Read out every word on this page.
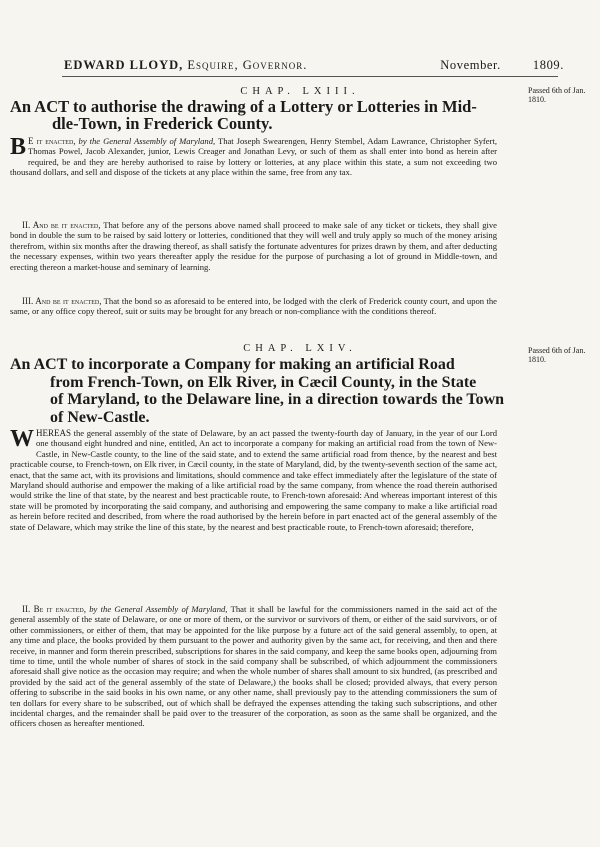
EDWARD LLOYD, Esquire, Governor.	November.	1809.
CHAP. LXIII.	Passed 6th of Jan. 1810.
An ACT to authorise the drawing of a Lottery or Lotteries in Mid-
dle-Town, in Frederick County.
B E it enacted, by the General Assembly of Maryland, That Joseph Swearengen, Henry Stembel, Adam Lawrance, Christopher Syfert, Thomas Powel, Jacob Alexander, junior, Lewis Creager and Jonathan Levy, or such of them as shall enter into bond as herein after required, be and they are hereby authorised to raise by lottery or lotteries, at any place within this state, a sum not exceeding two thousand dollars, and sell and dispose of the tickets at any place within the same, free from any tax.
II. And be it enacted, That before any of the persons above named shall proceed to make sale of any ticket or tickets, they shall give bond in double the sum to be raised by said lottery or lotteries, conditioned that they will well and truly apply so much of the money arising therefrom, within six months after the drawing thereof, as shall satisfy the fortunate adventures for prizes drawn by them, and after deducting the necessary expenses, within two years thereafter apply the residue for the purpose of purchasing a lot of ground in Middle-town, and erecting thereon a market-house and seminary of learning.
III. And be it enacted, That the bond so as aforesaid to be entered into, be lodged with the clerk of Frederick county court, and upon the same, or any office copy thereof, suit or suits may be brought for any breach or non-compliance with the conditions thereof.
CHAP. LXIV.	Passed 6th of Jan. 1810.
An ACT to incorporate a Company for making an artificial Road
from French-Town, on Elk River, in Cæcil County, in the State
of Maryland, to the Delaware line, in a direction towards the Town
of New-Castle.
WHEREAS the general assembly of the state of Delaware, by an act passed the twenty-fourth day of January, in the year of our Lord one thousand eight hundred and nine, entitled, An act to incorporate a company for making an artificial road from the town of New-Castle, in New-Castle county, to the line of the said state, and to extend the same artificial road from thence, by the nearest and best practicable course, to French-town, on Elk river, in Cæcil county, in the state of Maryland, did, by the twenty-seventh section of the same act, enact, that the same act, with its provisions and limitations, should commence and take effect immediately after the legislature of the state of Maryland should authorise and empower the making of a like artificial road by the same company, from whence the road therein authorised would strike the line of that state, by the nearest and best practicable route, to French-town aforesaid: And whereas important interest of this state will be promoted by incorporating the said company, and authorising and empowering the same company to make a like artificial road as herein before recited and described, from where the road authorised by the herein before in part enacted act of the general assembly of the state of Delaware, which may strike the line of this state, by the nearest and best practicable route, to French-town aforesaid; therefore,
II. Be it enacted, by the General Assembly of Maryland, That it shall be lawful for the commissioners named in the said act of the general assembly of the state of Delaware, or one or more of them, or the survivor or survivors of them, or either of the said survivors, or of other commissioners, or either of them, that may be appointed for the like purpose by a future act of the said general assembly, to open, at any time and place, the books provided by them pursuant to the power and authority given by the same act, for receiving, and then and there receive, in manner and form therein prescribed, subscriptions for shares in the said company, and keep the same books open, adjourning from time to time, until the whole number of shares of stock in the said company shall be subscribed, of which adjournment the commissioners aforesaid shall give notice as the occasion may require; and when the whole number of shares shall amount to six hundred, (as prescribed and provided by the said act of the general assembly of the state of Delaware,) the books shall be closed; provided always, that every person offering to subscribe in the said books in his own name, or any other name, shall previously pay to the attending commissioners the sum of ten dollars for every share to be subscribed, out of which shall be defrayed the expenses attending the taking such subscriptions, and other incidental charges, and the remainder shall be paid over to the treasurer of the corporation, as soon as the same shall be organized, and the officers chosen as hereafter mentioned.
